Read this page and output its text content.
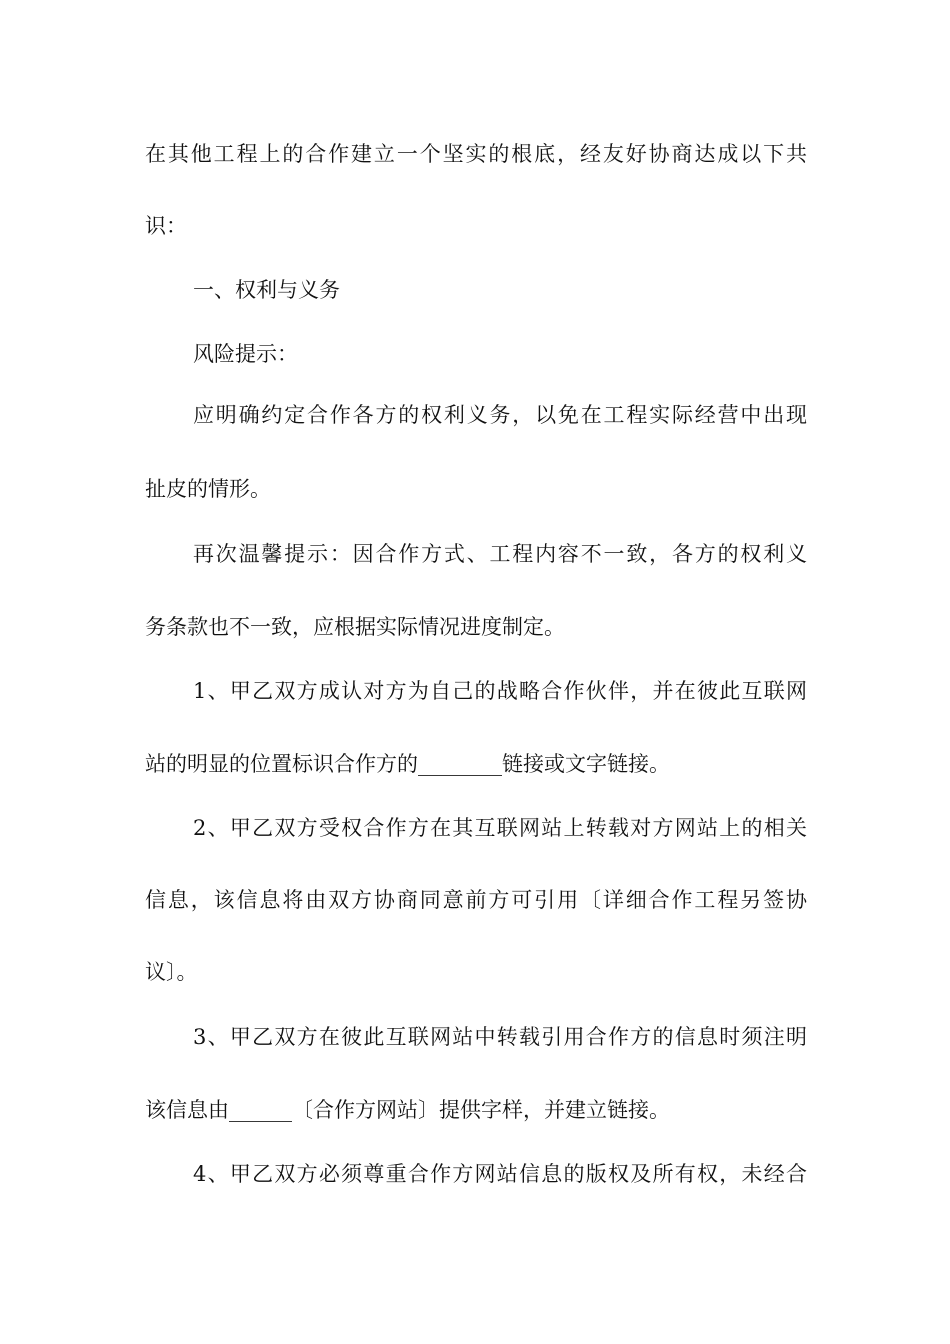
在其他工程上的合作建立一个坚实的根底，经友好协商达成以下共
识：
一、权利与义务
风险提示：
应明确约定合作各方的权利义务，以免在工程实际经营中出现
扯皮的情形。
再次温馨提示：因合作方式、工程内容不一致，各方的权利义
务条款也不一致，应根据实际情况进度制定。
1、甲乙双方成认对方为自己的战略合作伙伴，并在彼此互联网
站的明显的位置标识合作方的________链接或文字链接。
2、甲乙双方受权合作方在其互联网站上转载对方网站上的相关
信息，该信息将由双方协商同意前方可引用〔详细合作工程另签协
议〕。
3、甲乙双方在彼此互联网站中转载引用合作方的信息时须注明
该信息由______〔合作方网站〕提供字样，并建立链接。
4、甲乙双方必须尊重合作方网站信息的版权及所有权，未经合
